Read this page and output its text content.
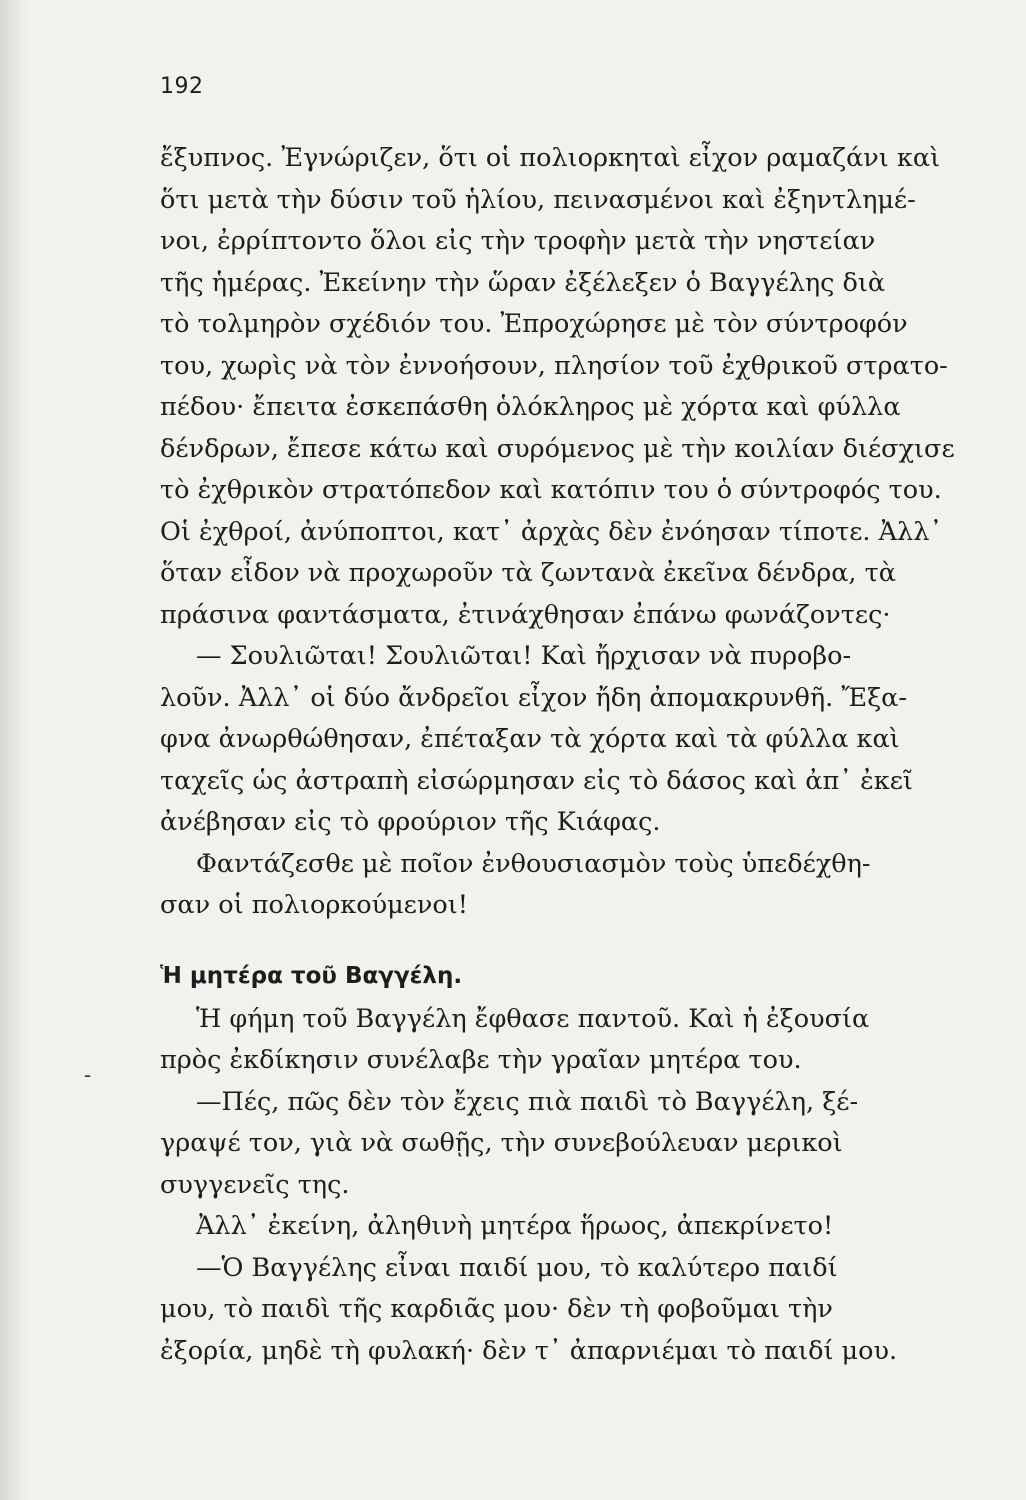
192
-
ἔξυπνος. Ἐγνώριζεν, ὅτι οἱ πολιορκηταὶ εἶχον ραμαζάνι καὶ
ὅτι μετὰ τὴν δύσιν τοῦ ἡλίου, πεινασμένοι καὶ ἐξηντλημέ-
νοι, ἐρρίπτοντο ὅλοι εἰς τὴν τροφὴν μετὰ τὴν νηστείαν
τῆς ἡμέρας. Ἐκείνην τὴν ὥραν ἐξέλεξεν ὁ Βαγγέλης διὰ
τὸ τολμηρὸν σχέδιόν του. Ἐπροχώρησε μὲ τὸν σύντροφόν
του, χωρὶς νὰ τὸν ἐννοήσουν, πλησίον τοῦ ἐχθρικοῦ στρατο-
πέδου· ἔπειτα ἐσκεπάσθη ὁλόκληρος μὲ χόρτα καὶ φύλλα
δένδρων, ἔπεσε κάτω καὶ συρόμενος μὲ τὴν κοιλίαν διέσχισε
τὸ ἐχθρικὸν στρατόπεδον καὶ κατόπιν του ὁ σύντροφός του.
Οἱ ἐχθροί, ἀνύποπτοι, κατ᾽ ἀρχὰς δὲν ἐνόησαν τίποτε. Ἀλλ᾽
ὅταν εἶδον νὰ προχωροῦν τὰ ζωντανὰ ἐκεῖνα δένδρα, τὰ
πράσινα φαντάσματα, ἐτινάχθησαν ἐπάνω φωνάζοντες·
— Σουλιῶται! Σουλιῶται! Καὶ ἤρχισαν νὰ πυροβο-
λοῦν. Ἀλλ᾽ οἱ δύο ἄνδρεῖοι εἶχον ἤδη ἀπομακρυνθῆ. Ἔξα-
φνα ἀνωρθώθησαν, ἐπέταξαν τὰ χόρτα καὶ τὰ φύλλα καὶ
ταχεῖς ὡς ἀστραπὴ εἰσώρμησαν εἰς τὸ δάσος καὶ ἀπ᾽ ἐκεῖ
ἀνέβησαν εἰς τὸ φρούριον τῆς Κιάφας.
Φαντάζεσθε μὲ ποῖον ἐνθουσιασμὸν τοὺς ὑπεδέχθη-
σαν οἱ πολιορκούμενοι!
Ἡ μητέρα τοῦ Βαγγέλη.
Ἡ φήμη τοῦ Βαγγέλη ἔφθασε παντοῦ. Καὶ ἡ ἐξουσία
πρὸς ἐκδίκησιν συνέλαβε τὴν γραῖαν μητέρα του.
—Πές, πῶς δὲν τὸν ἔχεις πιὰ παιδὶ τὸ Βαγγέλη, ξέ-
γραψέ τον, γιὰ νὰ σωθῇς, τὴν συνεβούλευαν μερικοὶ
συγγενεῖς της.
Ἀλλ᾽ ἐκείνη, ἀληθινὴ μητέρα ἥρωος, ἀπεκρίνετο!
—Ὁ Βαγγέλης εἶναι παιδί μου, τὸ καλύτερο παιδί
μου, τὸ παιδὶ τῆς καρδιᾶς μου· δὲν τὴ φοβοῦμαι τὴν
ἐξορία, μηδὲ τὴ φυλακή· δὲν τ᾽ ἀπαρνιέμαι τὸ παιδί μου.
